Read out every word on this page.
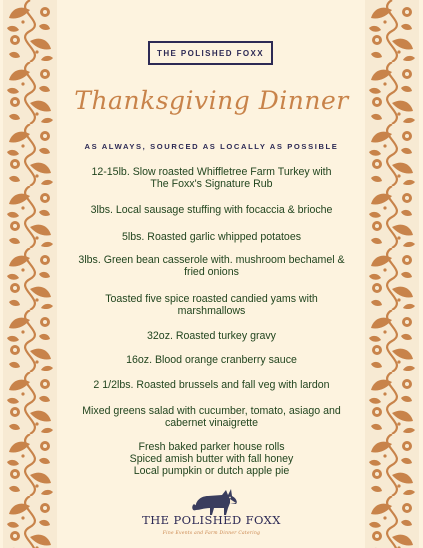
THE POLISHED FOXX
Thanksgiving Dinner
AS ALWAYS, SOURCED AS LOCALLY AS POSSIBLE
12-15lb. Slow roasted Whiffletree Farm Turkey with
The Foxx's Signature Rub
3lbs. Local sausage stuffing with focaccia & brioche
5lbs. Roasted garlic whipped potatoes
3lbs. Green bean casserole with. mushroom bechamel &
fried onions
Toasted five spice roasted candied yams with
marshmallows
32oz. Roasted turkey gravy
16oz. Blood orange cranberry sauce
2 1/2lbs. Roasted brussels and fall veg with lardon
Mixed greens salad with cucumber, tomato, asiago and
cabernet vinaigrette
Fresh baked parker house rolls
Spiced amish butter with fall honey
Local pumpkin or dutch apple pie
THE POLISHED FOXX
Fine Events and Farm Dinner Catering
